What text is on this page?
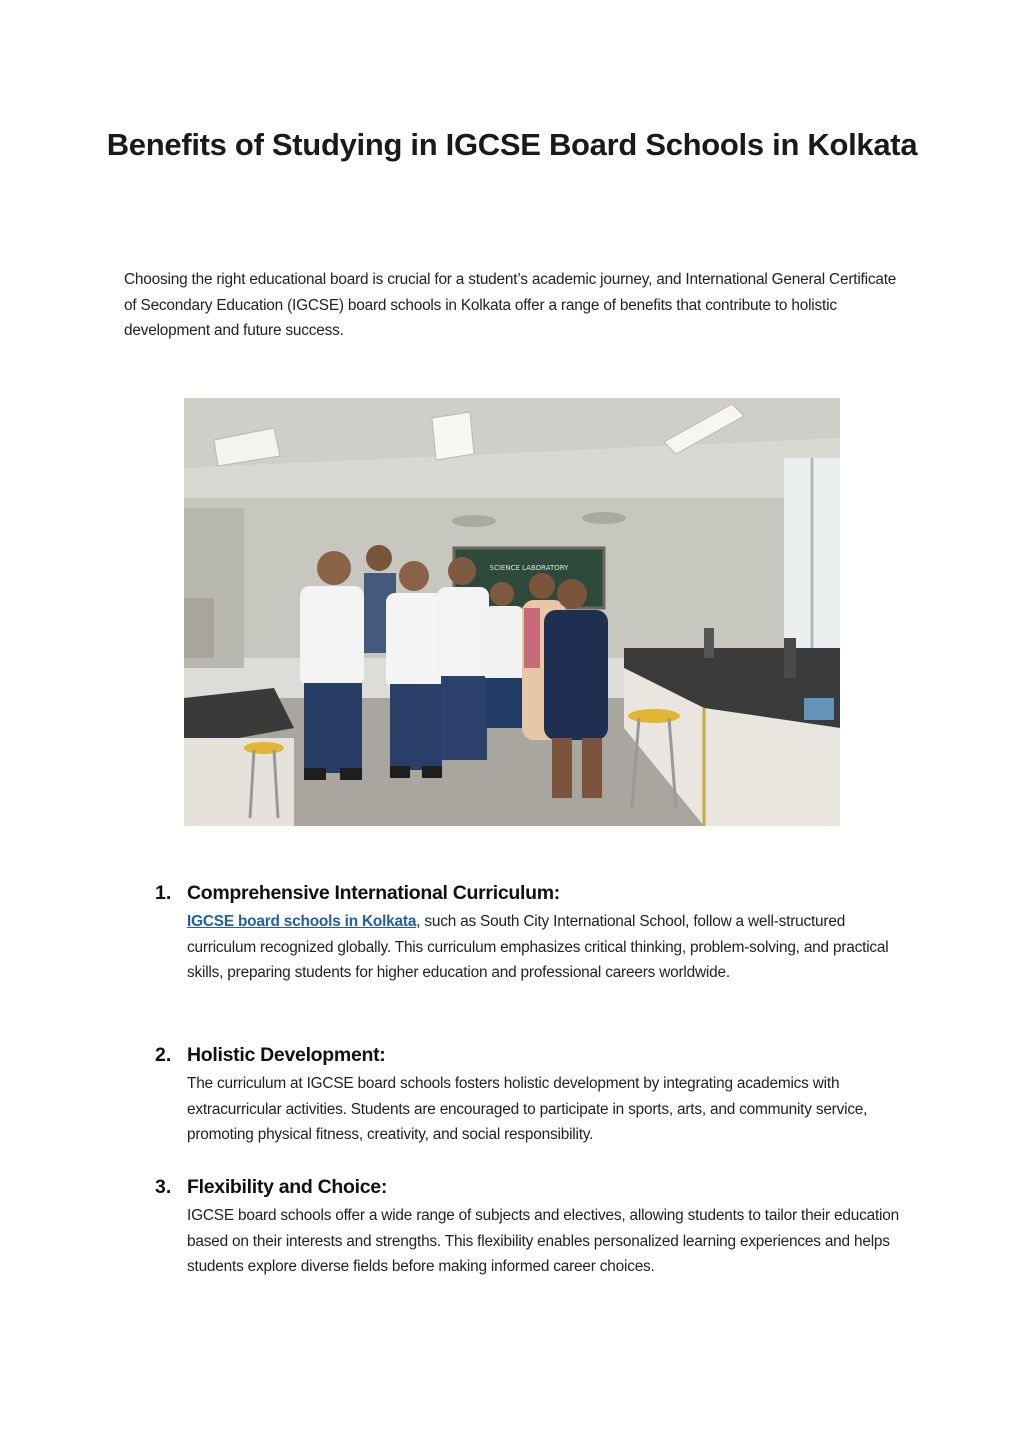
Benefits of Studying in IGCSE Board Schools in Kolkata

Choosing the right educational board is crucial for a student’s academic journey, and International General Certificate of Secondary Education (IGCSE) board schools in Kolkata offer a range of benefits that contribute to holistic development and future success.

SCIENCE LABORATORY
1. Comprehensive International Curriculum:

IGCSE board schools in Kolkata, such as South City International School, follow a well-structured curriculum recognized globally. This curriculum emphasizes critical thinking, problem-solving, and practical skills, preparing students for higher education and professional careers worldwide.

2. Holistic Development:

The curriculum at IGCSE board schools fosters holistic development by integrating academics with extracurricular activities. Students are encouraged to participate in sports, arts, and community service, promoting physical fitness, creativity, and social responsibility.

3. Flexibility and Choice:

IGCSE board schools offer a wide range of subjects and electives, allowing students to tailor their education based on their interests and strengths. This flexibility enables personalized learning experiences and helps students explore diverse fields before making informed career choices.
